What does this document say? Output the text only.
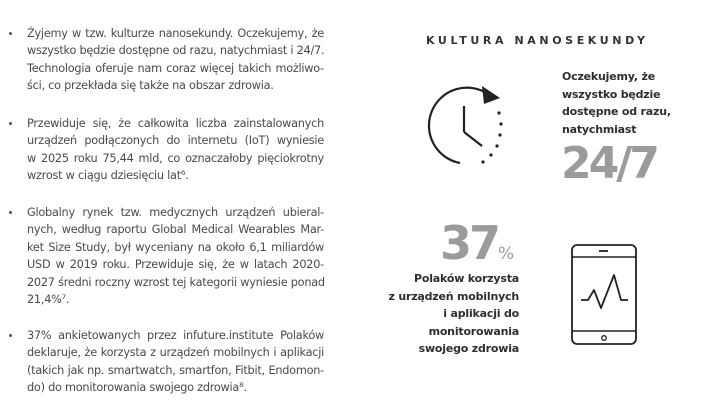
Żyjemy w tzw. kulturze nanosekundy. Oczekujemy, że
wszystko będzie dostępne od razu, natychmiast i 24/7.
Technologia oferuje nam coraz więcej takich możliwo-
ści, co przekłada się także na obszar zdrowia.
Przewiduje się, że całkowita liczba zainstalowanych
urządzeń podłączonych do internetu (IoT) wyniesie
w 2025 roku 75,44 mld, co oznaczałoby pięciokrotny
wzrost w ciągu dziesięciu lat⁶.
Globalny rynek tzw. medycznych urządzeń ubieral-
nych, według raportu Global Medical Wearables Mar-
ket Size Study, był wyceniany na około 6,1 miliardów
USD w 2019 roku. Przewiduje się, że w latach 2020-
2027 średni roczny wzrost tej kategorii wyniesie ponad
21,4%⁷.
37% ankietowanych przez infuture.institute Polaków
deklaruje, że korzysta z urządzeń mobilnych i aplikacji
(takich jak np. smartwatch, smartfon, Fitbit, Endomon-
do) do monitorowania swojego zdrowia⁸.
KULTURA NANOSEKUNDY
Oczekujemy, że
wszystko będzie
dostępne od razu,
natychmiast
24/7
37 %
Polaków korzysta
z urządzeń mobilnych
i aplikacji do
monitorowania
swojego zdrowia
